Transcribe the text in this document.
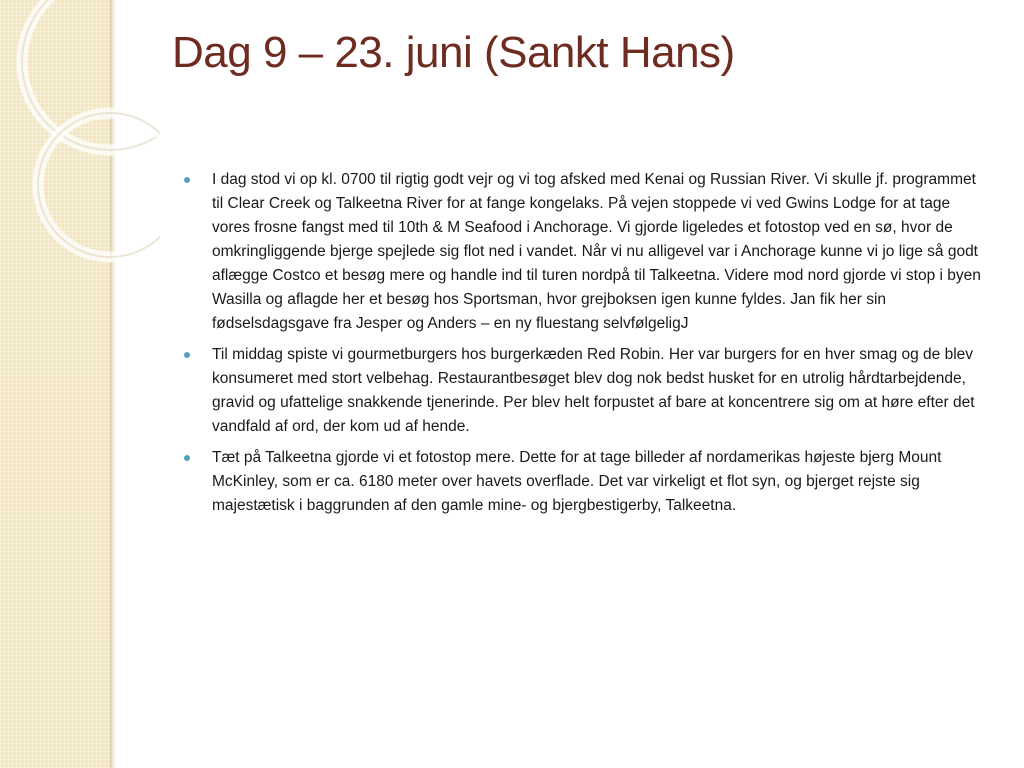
Dag 9 – 23. juni (Sankt Hans)
I dag stod vi op kl. 0700 til rigtig godt vejr og vi tog afsked med Kenai og Russian River. Vi skulle jf. programmet til Clear Creek og Talkeetna River for at fange kongelaks. På vejen stoppede vi ved Gwins Lodge for at tage vores frosne fangst med til 10th & M Seafood i Anchorage. Vi gjorde ligeledes et fotostop ved en sø, hvor de omkringliggende bjerge spejlede sig flot ned i vandet. Når vi nu alligevel var i Anchorage kunne vi jo lige så godt aflægge Costco et besøg mere og handle ind til turen nordpå til Talkeetna. Videre mod nord gjorde vi stop i byen Wasilla og aflagde her et besøg hos Sportsman, hvor grejboksen igen kunne fyldes. Jan fik her sin fødselsdagsgave fra Jesper og Anders – en ny fluestang selvfølgeligJ
Til middag spiste vi gourmetburgers hos burgerkæden Red Robin. Her var burgers for en hver smag og de blev konsumeret med stort velbehag. Restaurantbesøget blev dog nok bedst husket for en utrolig hårdtarbejdende, gravid og ufattelige snakkende tjenerinde. Per blev helt forpustet af bare at koncentrere sig om at høre efter det vandfald af ord, der kom ud af hende.
Tæt på Talkeetna gjorde vi et fotostop mere. Dette for at tage billeder af nordamerikas højeste bjerg Mount McKinley, som er ca. 6180 meter over havets overflade. Det var virkeligt et flot syn, og bjerget rejste sig majestætisk i baggrunden af den gamle mine- og bjergbestigerby, Talkeetna.
